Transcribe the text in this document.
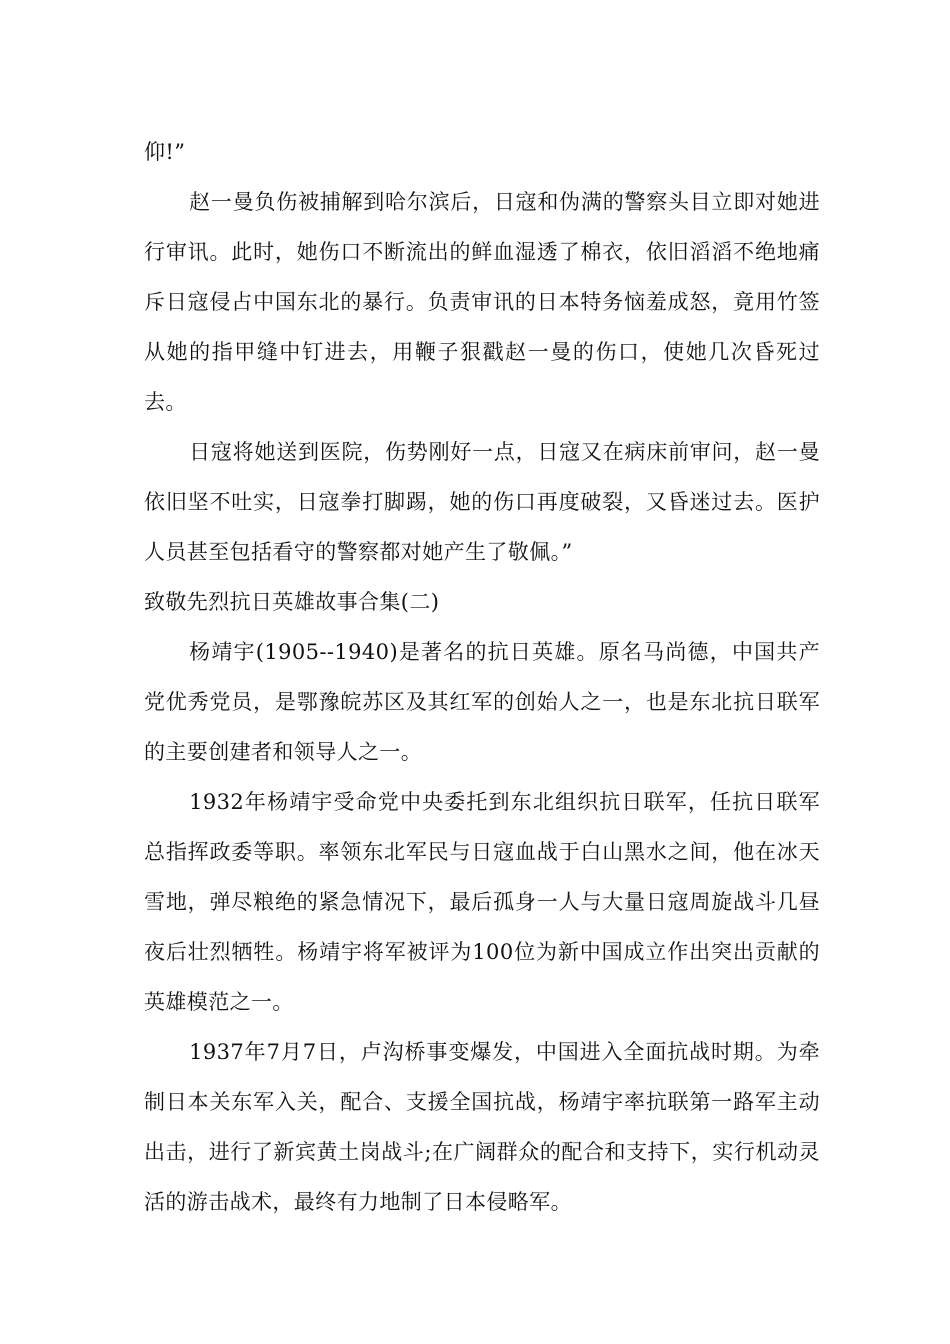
仰!”

赵一曼负伤被捕解到哈尔滨后，日寇和伪满的警察头目立即对她进行审讯。此时，她伤口不断流出的鲜血湿透了棉衣，依旧滔滔不绝地痛斥日寇侵占中国东北的暴行。负责审讯的日本特务恼羞成怒，竟用竹签从她的指甲缝中钉进去，用鞭子狠戳赵一曼的伤口，使她几次昏死过去。

日寇将她送到医院，伤势刚好一点，日寇又在病床前审问，赵一曼依旧坚不吐实，日寇拳打脚踢，她的伤口再度破裂，又昏迷过去。医护人员甚至包括看守的警察都对她产生了敬佩。”

致敬先烈抗日英雄故事合集(二)

杨靖宇(1905--1940)是著名的抗日英雄。原名马尚德，中国共产党优秀党员，是鄂豫皖苏区及其红军的创始人之一，也是东北抗日联军的主要创建者和领导人之一。

1932年杨靖宇受命党中央委托到东北组织抗日联军，任抗日联军总指挥政委等职。率领东北军民与日寇血战于白山黑水之间，他在冰天雪地，弹尽粮绝的紧急情况下，最后孤身一人与大量日寇周旋战斗几昼夜后壮烈牺牲。杨靖宇将军被评为100位为新中国成立作出突出贡献的英雄模范之一。

1937年7月7日，卢沟桥事变爆发，中国进入全面抗战时期。为牵制日本关东军入关，配合、支援全国抗战，杨靖宇率抗联第一路军主动出击，进行了新宾黄土岗战斗;在广阔群众的配合和支持下，实行机动灵活的游击战术，最终有力地制了日本侵略军。
